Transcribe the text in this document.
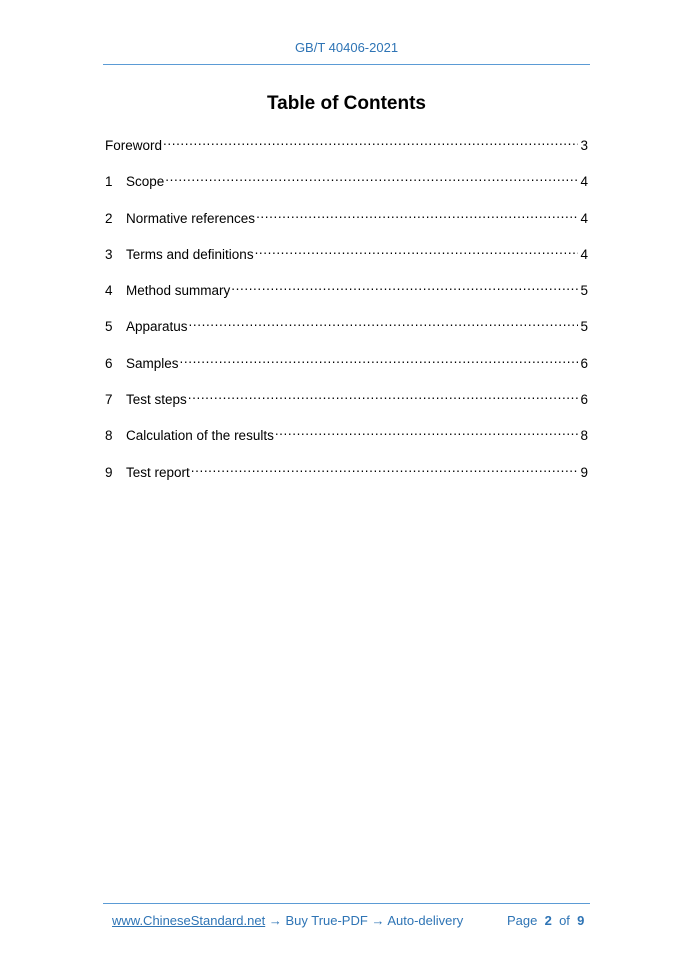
GB/T 40406-2021
Table of Contents
Foreword .....	3
1 Scope .....	4
2 Normative references .....	4
3 Terms and definitions .....	4
4 Method summary .....	5
5 Apparatus .....	5
6 Samples .....	6
7 Test steps .....	6
8 Calculation of the results .....	8
9 Test report .....	9
www.ChineseStandard.net → Buy True-PDF → Auto-delivery	Page 2 of 9
